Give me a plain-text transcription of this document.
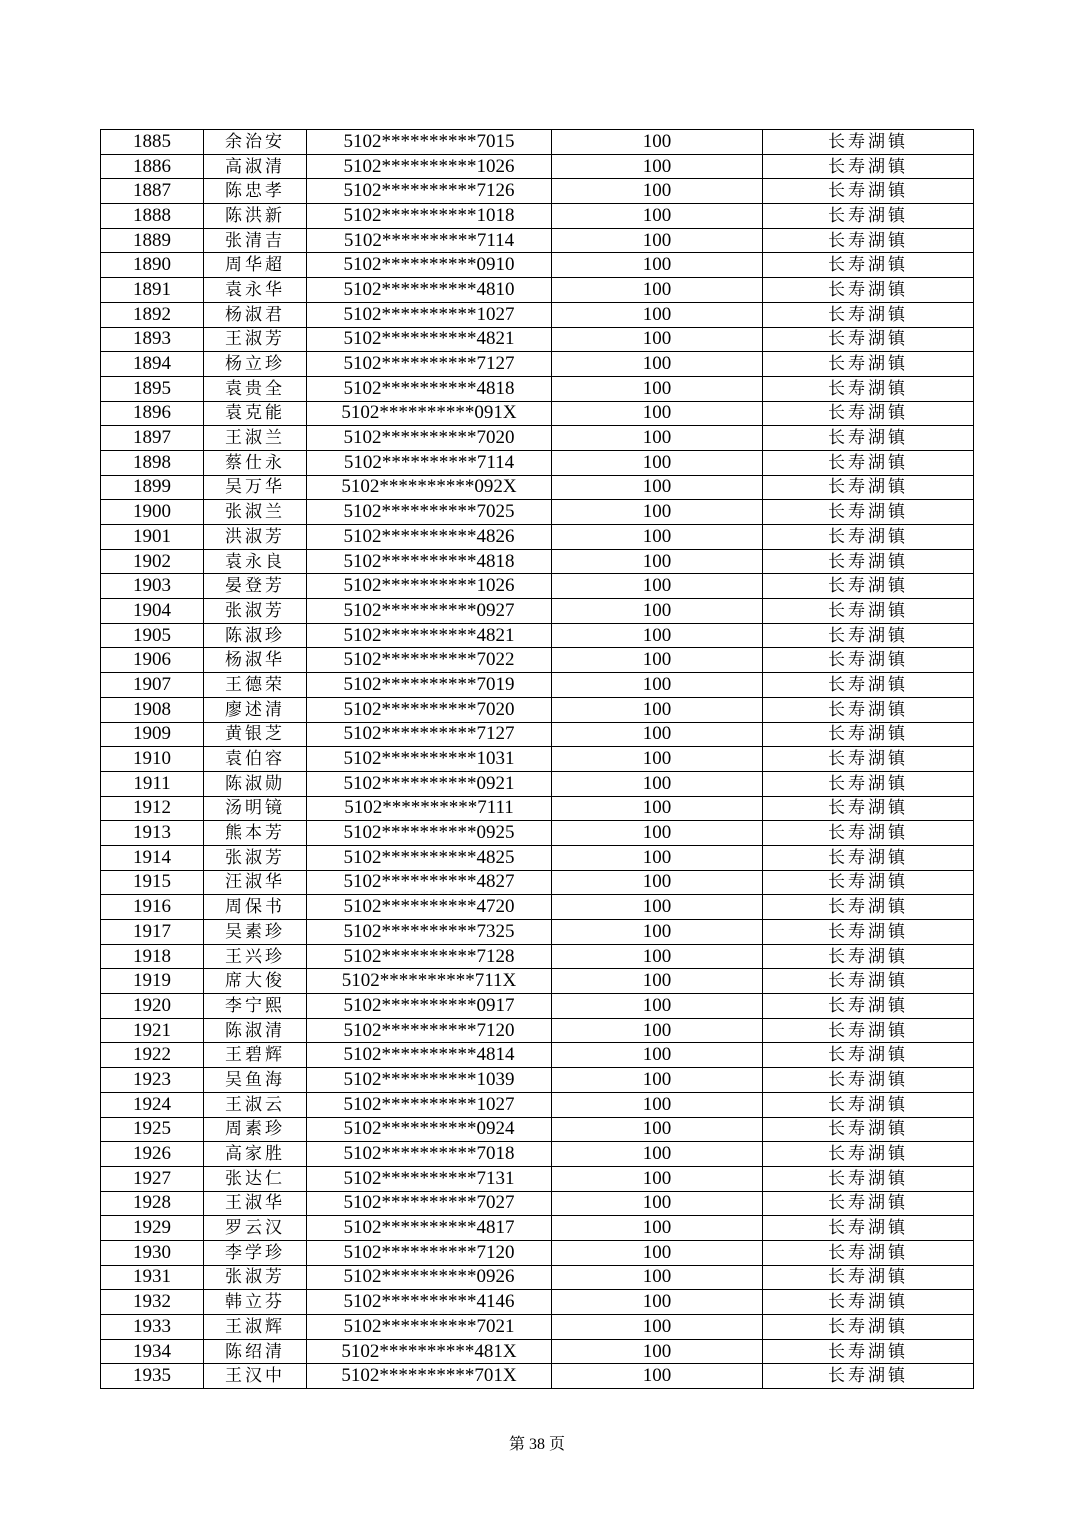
1885	余治安	5102**********7015	100	长寿湖镇
1886	高淑清	5102**********1026	100	长寿湖镇
1887	陈忠孝	5102**********7126	100	长寿湖镇
1888	陈洪新	5102**********1018	100	长寿湖镇
1889	张清吉	5102**********7114	100	长寿湖镇
1890	周华超	5102**********0910	100	长寿湖镇
1891	袁永华	5102**********4810	100	长寿湖镇
1892	杨淑君	5102**********1027	100	长寿湖镇
1893	王淑芳	5102**********4821	100	长寿湖镇
1894	杨立珍	5102**********7127	100	长寿湖镇
1895	袁贵全	5102**********4818	100	长寿湖镇
1896	袁克能	5102**********091X	100	长寿湖镇
1897	王淑兰	5102**********7020	100	长寿湖镇
1898	蔡仕永	5102**********7114	100	长寿湖镇
1899	吴万华	5102**********092X	100	长寿湖镇
1900	张淑兰	5102**********7025	100	长寿湖镇
1901	洪淑芳	5102**********4826	100	长寿湖镇
1902	袁永良	5102**********4818	100	长寿湖镇
1903	晏登芳	5102**********1026	100	长寿湖镇
1904	张淑芳	5102**********0927	100	长寿湖镇
1905	陈淑珍	5102**********4821	100	长寿湖镇
1906	杨淑华	5102**********7022	100	长寿湖镇
1907	王德荣	5102**********7019	100	长寿湖镇
1908	廖述清	5102**********7020	100	长寿湖镇
1909	黄银芝	5102**********7127	100	长寿湖镇
1910	袁伯容	5102**********1031	100	长寿湖镇
1911	陈淑勋	5102**********0921	100	长寿湖镇
1912	汤明镜	5102**********7111	100	长寿湖镇
1913	熊本芳	5102**********0925	100	长寿湖镇
1914	张淑芳	5102**********4825	100	长寿湖镇
1915	汪淑华	5102**********4827	100	长寿湖镇
1916	周保书	5102**********4720	100	长寿湖镇
1917	吴素珍	5102**********7325	100	长寿湖镇
1918	王兴珍	5102**********7128	100	长寿湖镇
1919	席大俊	5102**********711X	100	长寿湖镇
1920	李宁熙	5102**********0917	100	长寿湖镇
1921	陈淑清	5102**********7120	100	长寿湖镇
1922	王碧辉	5102**********4814	100	长寿湖镇
1923	吴鱼海	5102**********1039	100	长寿湖镇
1924	王淑云	5102**********1027	100	长寿湖镇
1925	周素珍	5102**********0924	100	长寿湖镇
1926	高家胜	5102**********7018	100	长寿湖镇
1927	张达仁	5102**********7131	100	长寿湖镇
1928	王淑华	5102**********7027	100	长寿湖镇
1929	罗云汉	5102**********4817	100	长寿湖镇
1930	李学珍	5102**********7120	100	长寿湖镇
1931	张淑芳	5102**********0926	100	长寿湖镇
1932	韩立芬	5102**********4146	100	长寿湖镇
1933	王淑辉	5102**********7021	100	长寿湖镇
1934	陈绍清	5102**********481X	100	长寿湖镇
1935	王汉中	5102**********701X	100	长寿湖镇
第 38 页
